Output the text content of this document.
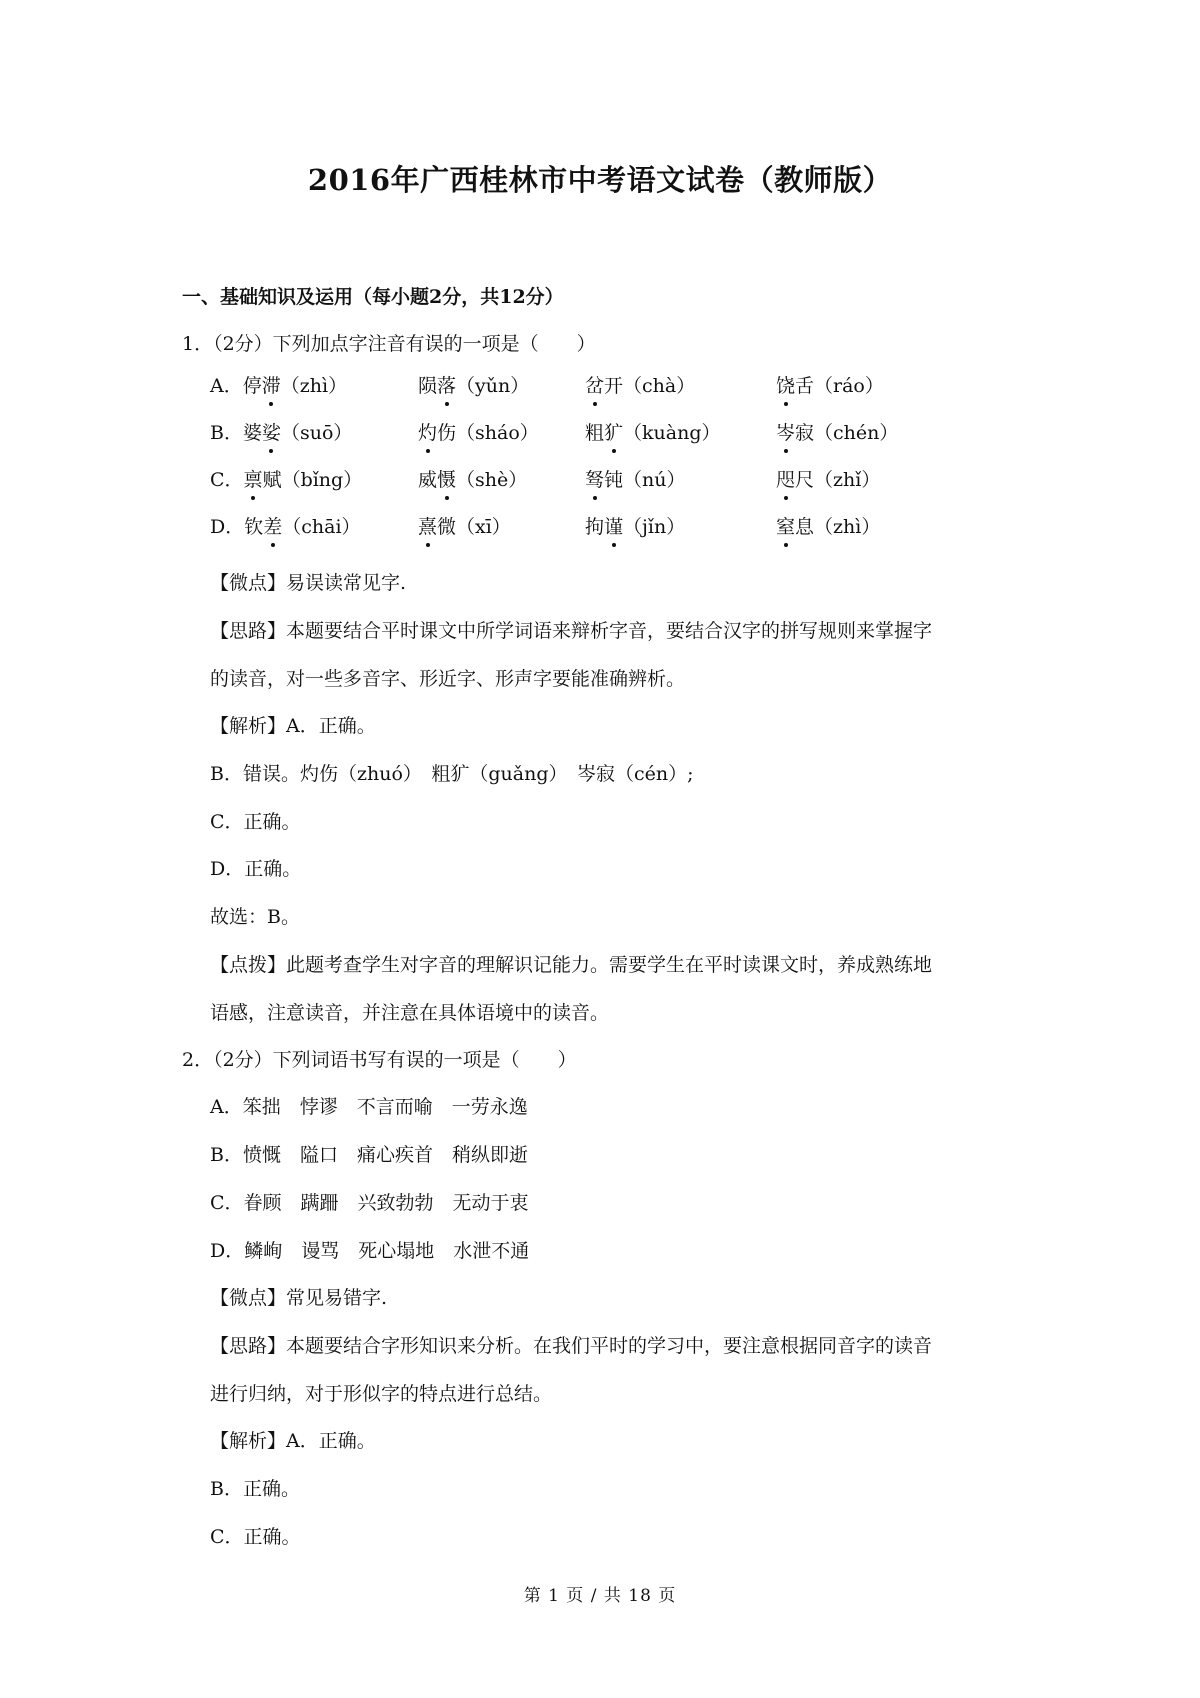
2016年广西桂林市中考语文试卷（教师版）
一、基础知识及运用（每小题2分，共12分）
1．（2分）下列加点字注音有误的一项是（　　）
A．停滞（zhì）	陨落（yǔn）	岔开（chà）	饶舌（ráo）
B．婆娑（suō）	灼伤（sháo） 粗犷（kuàng）	岑寂（chén）
C．禀赋（bǐng）	威慑（shè）	驽钝（nú）	咫尺（zhǐ）
D．钦差（chāi）	熹微（xī）	拘谨（jǐn）	窒息（zhì）
【微点】易误读常见字.
【思路】本题要结合平时课文中所学词语来辩析字音，要结合汉字的拼写规则来掌握字
的读音，对一些多音字、形近字、形声字要能准确辨析。
【解析】A．正确。
B．错误。灼伤（zhuó）　粗犷（guǎng）　岑寂（cén）;
C．正确。
D．正确。
故选：B。
【点拨】此题考查学生对字音的理解识记能力。需要学生在平时读课文时，养成熟练地
语感，注意读音，并注意在具体语境中的读音。
2．（2分）下列词语书写有误的一项是（　　）
A．笨拙　悖谬　不言而喻　一劳永逸
B．愤慨　隘口　痛心疾首　稍纵即逝
C．眷顾　蹒跚　兴致勃勃　无动于衷
D．鳞峋　谩骂　死心塌地　水泄不通
【微点】常见易错字.
【思路】本题要结合字形知识来分析。在我们平时的学习中，要注意根据同音字的读音
进行归纳，对于形似字的特点进行总结。
【解析】A．正确。
B．正确。
C．正确。
第 1 页 / 共 18 页
